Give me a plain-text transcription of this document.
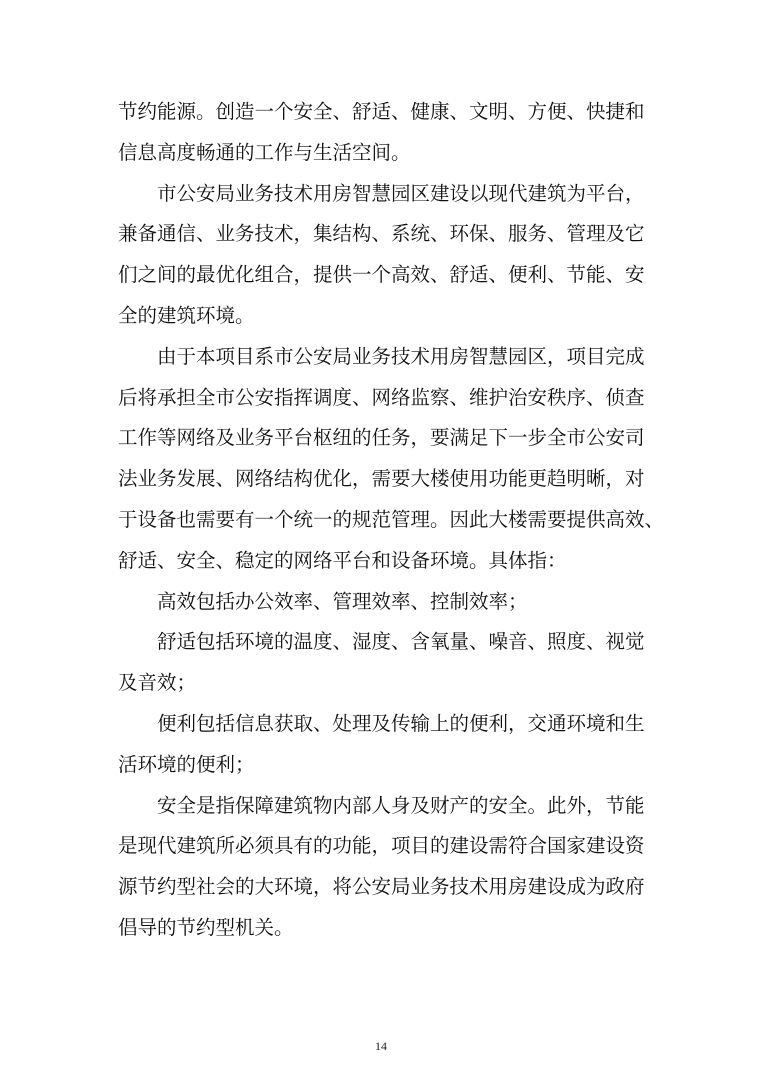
节约能源。创造一个安全、舒适、健康、文明、方便、快捷和
信息高度畅通的工作与生活空间。

市公安局业务技术用房智慧园区建设以现代建筑为平台，
兼备通信、业务技术，集结构、系统、环保、服务、管理及它
们之间的最优化组合，提供一个高效、舒适、便利、节能、安
全的建筑环境。

由于本项目系市公安局业务技术用房智慧园区，项目完成
后将承担全市公安指挥调度、网络监察、维护治安秩序、侦查
工作等网络及业务平台枢纽的任务，要满足下一步全市公安司
法业务发展、网络结构优化，需要大楼使用功能更趋明晰，对
于设备也需要有一个统一的规范管理。因此大楼需要提供高效、
舒适、安全、稳定的网络平台和设备环境。具体指：

高效包括办公效率、管理效率、控制效率；

舒适包括环境的温度、湿度、含氧量、噪音、照度、视觉
及音效；

便利包括信息获取、处理及传输上的便利，交通环境和生
活环境的便利；

安全是指保障建筑物内部人身及财产的安全。此外，节能
是现代建筑所必须具有的功能，项目的建设需符合国家建设资
源节约型社会的大环境，将公安局业务技术用房建设成为政府
倡导的节约型机关。

14
